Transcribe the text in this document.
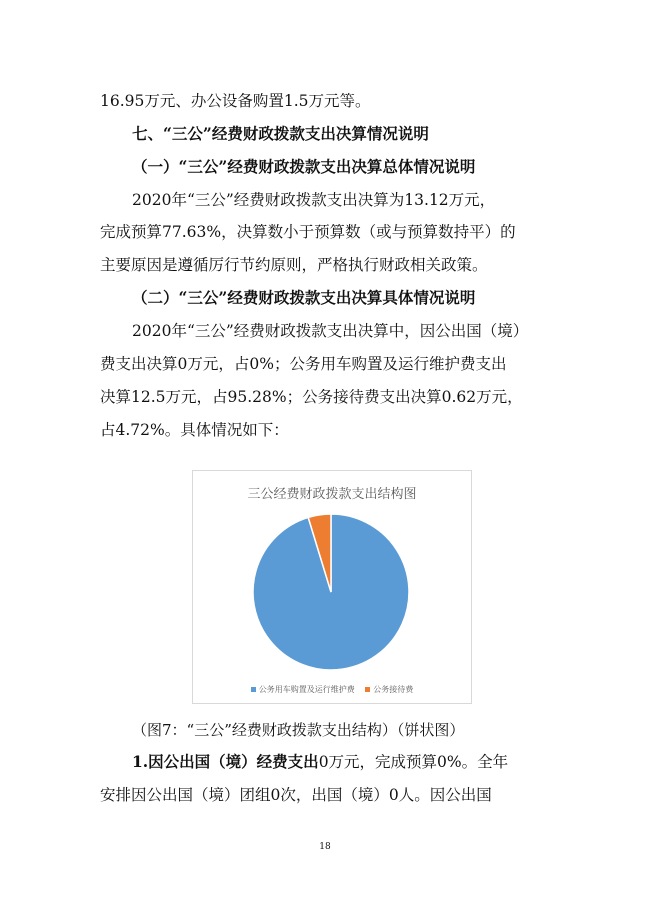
16.95万元、办公设备购置1.5万元等。
七、“三公”经费财政拨款支出决算情况说明
（一）“三公”经费财政拨款支出决算总体情况说明
2020年“三公”经费财政拨款支出决算为13.12万元，
完成预算77.63%，决算数小于预算数（或与预算数持平）的
主要原因是遵循厉行节约原则，严格执行财政相关政策。
（二）“三公”经费财政拨款支出决算具体情况说明
2020年“三公”经费财政拨款支出决算中，因公出国（境）
费支出决算0万元，占0%；公务用车购置及运行维护费支出
决算12.5万元，占95.28%；公务接待费支出决算0.62万元，
占4.72%。具体情况如下：
三公经费财政拨款支出结构图
公务用车购置及运行维护费
公务接待费
（图7：“三公”经费财政拨款支出结构）（饼状图）
1.因公出国（境）经费支出0万元，完成预算0%。全年
安排因公出国（境）团组0次，出国（境）0人。因公出国
18
